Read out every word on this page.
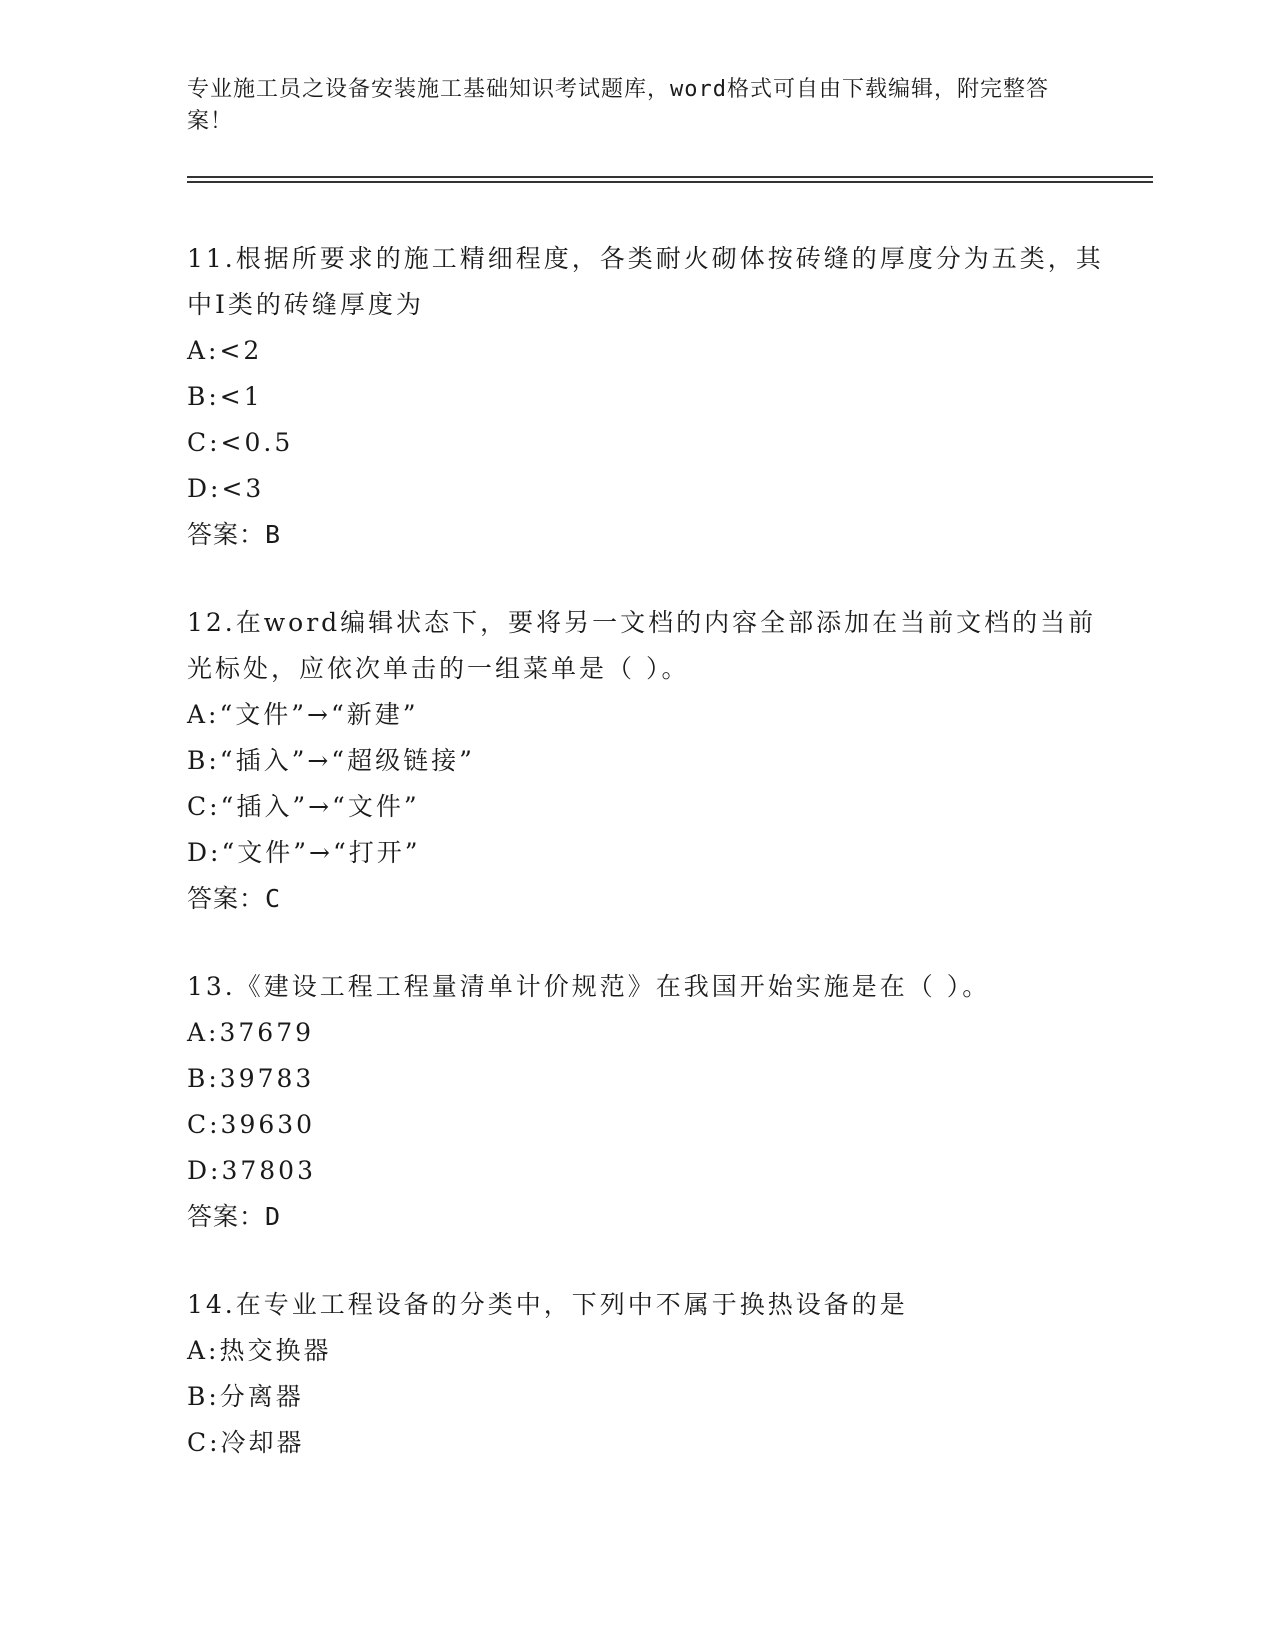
专业施工员之设备安装施工基础知识考试题库，word格式可自由下载编辑，附完整答案！
11.根据所要求的施工精细程度，各类耐火砌体按砖缝的厚度分为五类，其中Ⅰ类的砖缝厚度为
A:<2
B:<1
C:<0.5
D:<3
答案：B
12.在word编辑状态下，要将另一文档的内容全部添加在当前文档的当前光标处，应依次单击的一组菜单是（ ）。
A:“文件”→“新建”
B:“插入”→“超级链接”
C:“插入”→“文件”
D:“文件”→“打开”
答案：C
13.《建设工程工程量清单计价规范》在我国开始实施是在（ ）。
A:37679
B:39783
C:39630
D:37803
答案：D
14.在专业工程设备的分类中，下列中不属于换热设备的是
A:热交换器
B:分离器
C:冷却器
